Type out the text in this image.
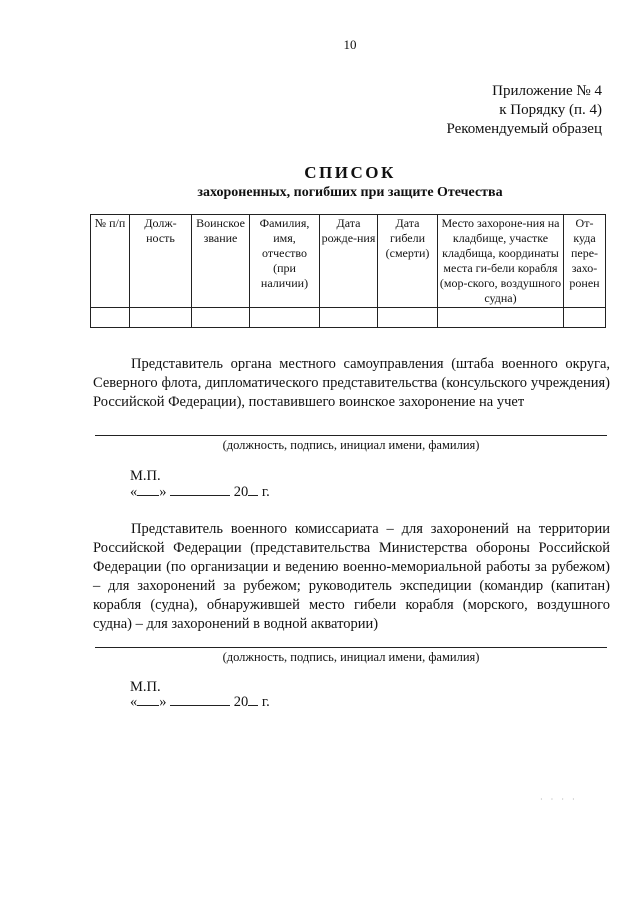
10
Приложение № 4
к Порядку (п. 4)
Рекомендуемый образец
СПИСОК
захороненных, погибших при защите Отечества
№ п/п	Долж-ность	Воинское звание	Фамилия, имя, отчество (при наличии)	Дата рожде-ния	Дата гибели (смерти)	Место захороне-ния на кладбище, участке кладбища, координаты места ги-бели корабля (мор-ского, воздушного судна)	От-куда пере-захо-ронен

Представитель органа местного самоуправления (штаба военного округа, Северного флота, дипломатического представительства (консульского учреждения) Российской Федерации), поставившего воинское захоронение на учет
(должность, подпись, инициал имени, фамилия)
М.П.
« »	20 г.
Представитель военного комиссариата – для захоронений на территории Российской Федерации (представительства Министерства обороны Российской Федерации (по организации и ведению военно-мемориальной работы за рубежом) – для захоронений за рубежом; руководитель экспедиции (командир (капитан) корабля (судна), обнаружившей место гибели корабля (морского, воздушного судна) – для захоронений в водной акватории)
(должность, подпись, инициал имени, фамилия)
М.П.
« »	20 г.
· · · ·
